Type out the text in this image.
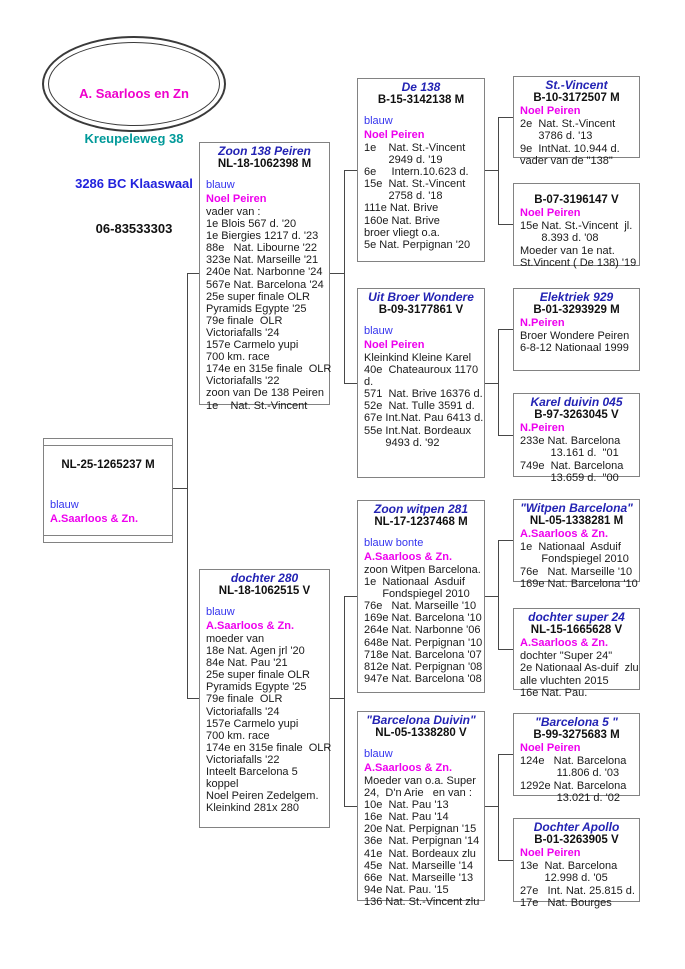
A. Saarloos en Zn

Kreupeleweg 38

3286 BC Klaaswaal

06-83533303

NL-25-1265237 M
blauw
A.Saarloos & Zn.
Zoon 138 Peiren
NL-18-1062398 M
blauw
Noel Peiren
vader van :
1e Blois 567 d. '20
1e Biergies 1217 d. '23
88e   Nat. Libourne '22
323e Nat. Marseille '21
240e Nat. Narbonne '24
567e Nat. Barcelona '24
25e super finale OLR
Pyramids Egypte '25
79e finale  OLR
Victoriafalls '24
157e Carmelo yupi
700 km. race
174e en 315e finale  OLR
Victoriafalls '22
zoon van De 138 Peiren
1e    Nat. St.-Vincent
dochter 280
NL-18-1062515 V
blauw
A.Saarloos & Zn.
moeder van
18e Nat. Agen jrl '20
84e Nat. Pau '21
25e super finale OLR
Pyramids Egypte '25
79e finale  OLR
Victoriafalls '24
157e Carmelo yupi
700 km. race
174e en 315e finale  OLR
Victoriafalls '22
Inteelt Barcelona 5
koppel
Noel Peiren Zedelgem.
Kleinkind 281x 280
De 138
B-15-3142138 M
blauw
Noel Peiren
1e    Nat. St.-Vincent
2949 d. '19
6e     Intern.10.623 d.
15e  Nat. St.-Vincent
2758 d. '18
111e Nat. Brive
160e Nat. Brive
broer vliegt o.a.
5e Nat. Perpignan '20
Uit Broer Wondere
B-09-3177861 V
blauw
Noel Peiren
Kleinkind Kleine Karel
40e  Chateauroux 1170
d.
571  Nat. Brive 16376 d.
52e  Nat. Tulle 3591 d.
67e Int.Nat. Pau 6413 d.
55e Int.Nat. Bordeaux
9493 d. '92
Zoon witpen 281
NL-17-1237468 M
blauw bonte
A.Saarloos & Zn.
zoon Witpen Barcelona.
1e  Nationaal  Asduif
Fondspiegel 2010
76e   Nat. Marseille '10
169e Nat. Barcelona '10
264e Nat. Narbonne '06
648e Nat. Perpignan '10
718e Nat. Barcelona '07
812e Nat. Perpignan '08
947e Nat. Barcelona '08
"Barcelona Duivin"
NL-05-1338280 V
blauw
A.Saarloos & Zn.
Moeder van o.a. Super
24,  D'n Arie   en van :
10e  Nat. Pau '13
16e  Nat. Pau '14
20e Nat. Perpignan '15
36e  Nat. Perpignan '14
41e  Nat. Bordeaux zlu
45e  Nat. Marseille '14
66e  Nat. Marseille '13
94e Nat. Pau. '15
136 Nat. St.-Vincent zlu
St.-Vincent
B-10-3172507 M
Noel Peiren
2e  Nat. St.-Vincent
3786 d. '13
9e  IntNat. 10.944 d.
vader van de "138"
B-07-3196147 V
Noel Peiren
15e Nat. St.-Vincent  jl.
8.393 d. '08
Moeder van 1e nat.
St.Vincent ( De 138) '19
Elektriek 929
B-01-3293929 M
N.Peiren
Broer Wondere Peiren
6-8-12 Nationaal 1999
Karel duivin 045
B-97-3263045 V
N.Peiren
233e Nat. Barcelona
13.161 d.  "01
749e  Nat. Barcelona
13.659 d.  "00
"Witpen Barcelona"
NL-05-1338281 M
A.Saarloos & Zn.
1e  Nationaal  Asduif
Fondspiegel 2010
76e   Nat. Marseille '10
169e Nat. Barcelona '10
dochter super 24
NL-15-1665628 V
A.Saarloos & Zn.
dochter "Super 24"
2e Nationaal As-duif  zlu
alle vluchten 2015
16e Nat. Pau.
"Barcelona 5 "
B-99-3275683 M
Noel Peiren
124e   Nat. Barcelona
11.806 d. '03
1292e Nat. Barcelona
13.021 d. '02
Dochter Apollo
B-01-3263905 V
Noel Peiren
13e  Nat. Barcelona
12.998 d. '05
27e   Int. Nat. 25.815 d.
17e   Nat. Bourges
